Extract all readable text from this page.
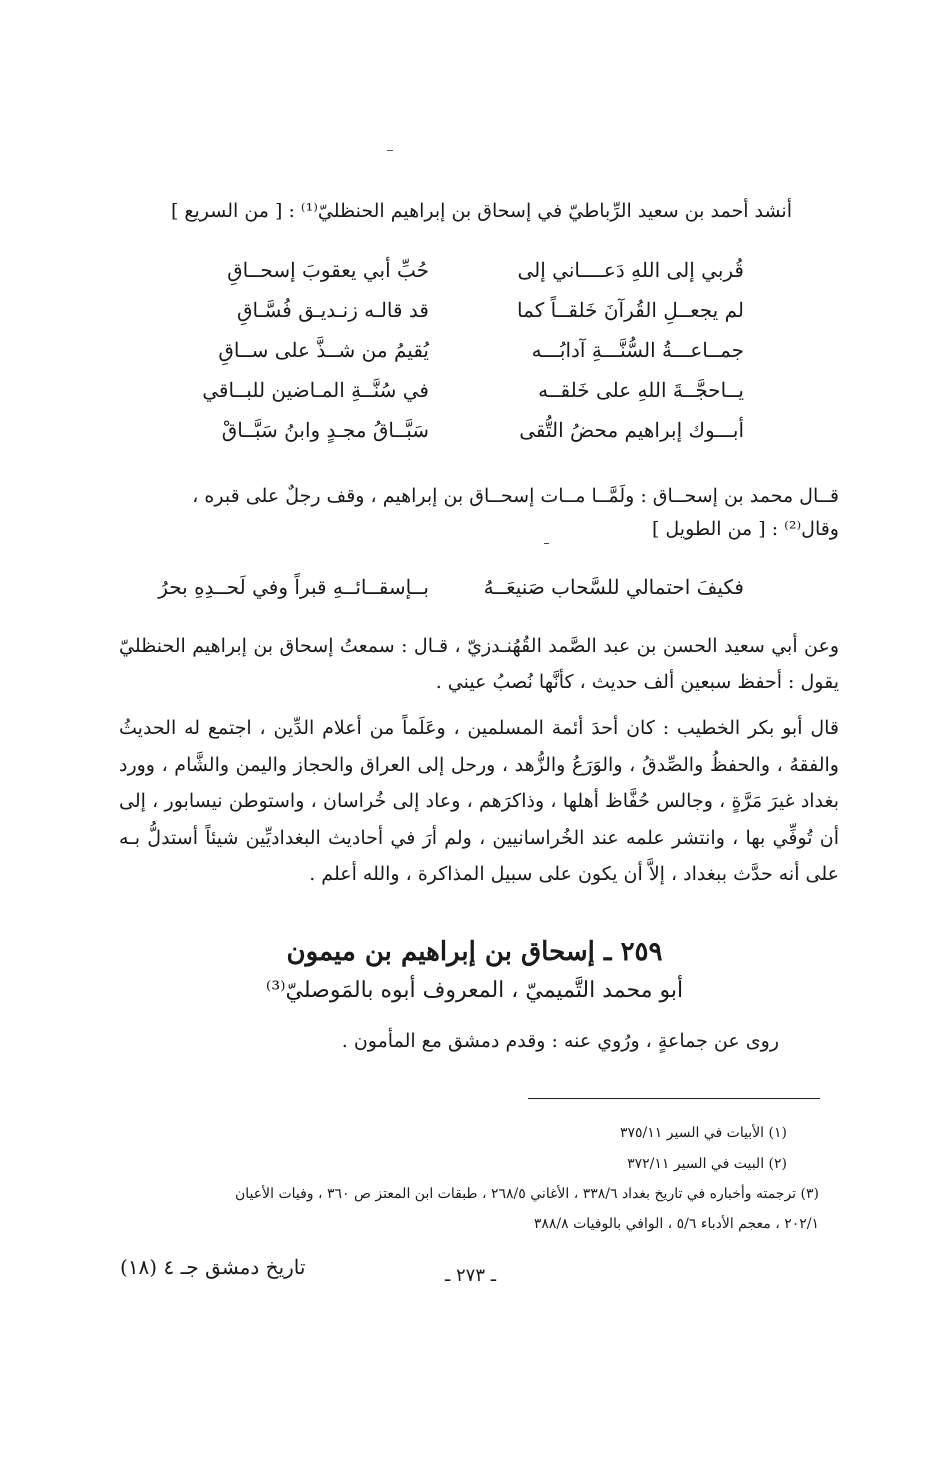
أنشد أحمد بن سعيد الرِّباطيّ في إسحاق بن إبراهيم الحنظليّ⁽¹⁾ : [ من السريع ]
قُربي إلى اللهِ دَعــــاني إلى
حُبِّ أبي يعقوبَ إسحــاقِ
لم يجعــلِ القُرآنَ خَلقــاً كما
قد قالـه زنـديـق فُسَّـاقِ
جمــاعـــةُ السُّنَّـــةِ آدابُـــه
يُقيمُ من شــذَّ على ســاقِ
يــاحجَّــةَ اللهِ على خَلقــه
في سُنَّــةِ المـاضين للبــاقي
أبـــوك إبراهيم محضُ التُّقى
سَبَّــاقُ مجـدٍ وابنُ سَبَّــاقْ
قــال محمد بن إسحــاق : ولَمَّــا مــات إسحــاق بن إبراهيم ، وقف رجلٌ على قبره ،
وقال⁽²⁾ : [ من الطويل ]
فكيفَ احتمالي للسَّحاب صَنيعَــهُ
بــإسقــائــهِ قبراً وفي لَحــدِهِ بحرُ
وعن أبي سعيد الحسن بن عبد الصَّمد القُهُنـدزيّ ، قـال : سمعتُ إسحاق بن إبراهيم الحنظليّ يقول : أحفظ سبعين ألف حديث ، كأنَّها نُصبُ عيني .
قال أبو بكر الخطيب : كان أحدَ أئمة المسلمين ، وعَلَماً من أعلام الدِّين ، اجتمع له الحديثُ والفقهُ ، والحفظُ والصِّدقُ ، والوَرَعُ والزُّهد ، ورحل إلى العراق والحجاز واليمن والشَّام ، وورد بغداد غيرَ مَرَّةٍ ، وجالس حُفَّاظ أهلها ، وذاكرَهم ، وعاد إلى خُراسان ، واستوطن نيسابور ، إلى أن تُوفِّي بها ، وانتشر علمه عند الخُراسانيين ، ولم أرَ في أحاديث البغداديِّين شيئاً أستدلُّ بـه على أنه حدَّث ببغداد ، إلاَّ أن يكون على سبيل المذاكرة ، والله أعلم .
٢٥٩ ـ إسحاق بن إبراهيم بن ميمون
أبو محمد التَّميميّ ، المعروف أبوه بالمَوصليّ⁽³⁾
روى عن جماعةٍ ، ورُوي عنه : وقدم دمشق مع المأمون .
(١) الأبيات في السير ٣٧٥/١١
(٢) البيت في السير ٣٧٢/١١
(٣) ترجمته وأخباره في تاريخ بغداد ٣٣٨/٦ ، الأغاني ٢٦٨/٥ ، طبقات ابن المعتز ص ٣٦٠ ، وفيات الأعيان
٢٠٢/١ ، معجم الأدباء ٥/٦ ، الوافي بالوفيات ٣٨٨/٨
تاريخ دمشق جـ ٤ (١٨)	ـ ٢٧٣ ـ
